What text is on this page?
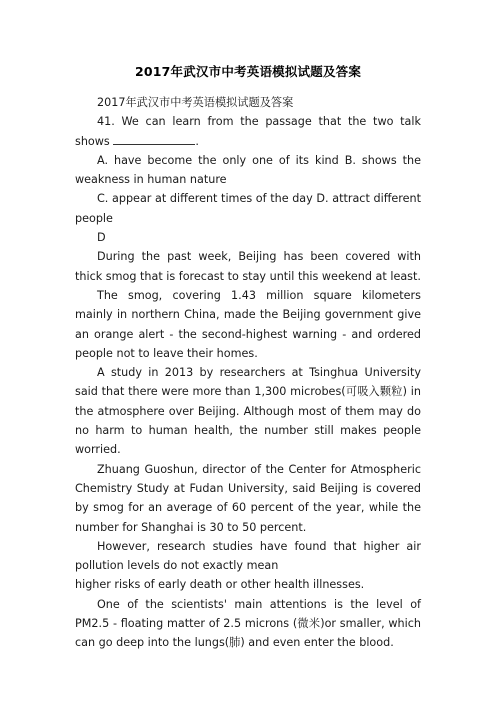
2017年武汉市中考英语模拟试题及答案

2017年武汉市中考英语模拟试题及答案

41. We can learn from the passage that the two talk shows	.

A. have become the only one of its kind B. shows the weakness in human nature

C. appear at different times of the day D. attract different people

D

During the past week, Beijing has been covered with thick smog that is forecast to stay until this weekend at least.

The smog, covering 1.43 million square kilometers mainly in northern China, made the Beijing government give an orange alert - the second-highest warning - and ordered people not to leave their homes.

A study in 2013 by researchers at Tsinghua University said that there were more than 1,300 microbes(可吸入颗粒) in the atmosphere over Beijing. Although most of them may do no harm to human health, the number still makes people worried.

Zhuang Guoshun, director of the Center for Atmospheric Chemistry Study at Fudan University, said Beijing is covered by smog for an average of 60 percent of the year, while the number for Shanghai is 30 to 50 percent.

However, research studies have found that higher air pollution levels do not exactly mean

higher risks of early death or other health illnesses.

One of the scientists' main attentions is the level of PM2.5 - floating matter of 2.5 microns (微米)or smaller, which can go deep into the lungs(肺) and even enter the blood.
